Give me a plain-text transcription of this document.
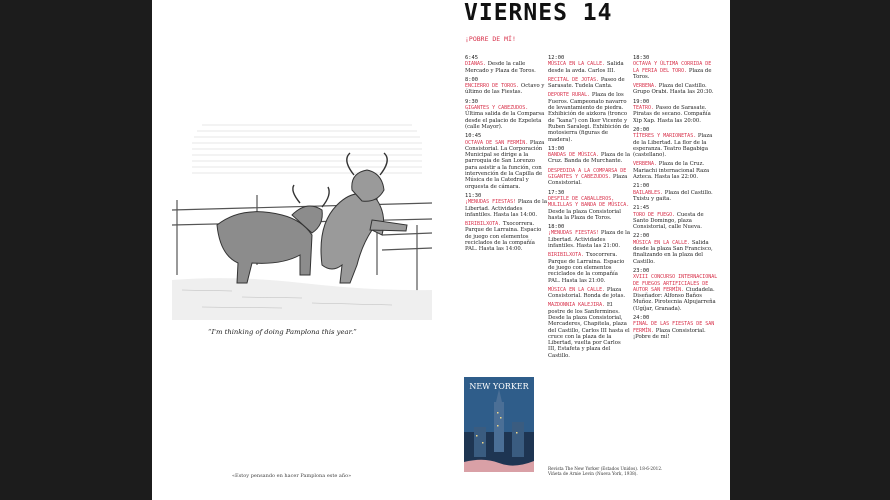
“I'm thinking of doing Pamplona this year.”
«Estoy pensando en hacer Pamplona este año»
VIERNES 14
¡POBRE DE MÍ!
6:45
DIANAS. Desde la calle Mercado y Plaza de Toros.
8:00
ENCIERRO DE TOROS. Octavo y último de las Fiestas.
9:30
GIGANTES Y CABEZUDOS. Última salida de la Comparsa desde el palacio de Ezpeleta (calle Mayor).
10:45
OCTAVA DE SAN FERMÍN. Plaza Consistorial. La Corporación Municipal se dirige a la parroquia de San Lorenzo para asistir a la función, con intervención de la Capilla de Música de la Catedral y orquesta de cámara.
11:30
¡MENUDAS FIESTAS! Plaza de la Libertad. Actividades infantiles. Hasta las 14:00.
BIRIBILXOTA. Txocorrera. Parque de Larraina. Espacio de juego con elementos reciclados de la compañía PAL. Hasta las 14:00.
12:00
MÚSICA EN LA CALLE. Salida desde la avda. Carlos III.
RECITAL DE JOTAS. Paseo de Sarasate. Tudela Canta.
DEPORTE RURAL. Plaza de los Fueros. Campeonato navarro de levantamiento de piedra. Exhibición de aizkora (tronco de “kana”) con Iker Vicente y Ruben Saralegi. Exhibición de motosierra (figuras de madera).
13:00
BANDAS DE MÚSICA. Plaza de la Cruz. Banda de Murchante.
DESPEDIDA A LA COMPARSA DE GIGANTES Y CABEZUDOS. Plaza Consistorial.
17:30
DESFILE DE CABALLEROS, MULILLAS Y BANDA DE MÚSICA. Desde la plaza Consistorial hasta la Plaza de Toros.
18:00
¡MENUDAS FIESTAS! Plaza de la Libertad. Actividades infantiles. Hasta las 21:00.
BIRIBILXOTA. Txocorrera. Parque de Larraina. Espacio de juego con elementos reciclados de la compañía PAL. Hasta las 21:00.
MÚSICA EN LA CALLE. Plaza Consistorial. Ronda de jotas.
MAZDONNIA KALEJIRA. El postre de los Sanfermines. Desde la plaza Consistorial, Mercaderes, Chapitela, plaza del Castillo, Carlos III hasta el cruce con la plaza de la Libertad, vuelta por Carlos III, Estafeta y plaza del Castillo.
18:30
OCTAVA Y ÚLTIMA CORRIDA DE LA FERIA DEL TORO. Plaza de Toros.
VERBENA. Plaza del Castillo. Grupo Orabi. Hasta las 20:30.
19:00
TEATRO. Paseo de Sarasate. Piratas de secano. Compañía Xip Xap. Hasta las 20:00.
20:00
TÍTERES Y MARIONETAS. Plaza de la Libertad. La flor de la esperanza. Teatro Bagabiga (castellano).
VERBENA. Plaza de la Cruz. Mariachi internacional Raza Azteca. Hasta las 22:00.
21:00
BAILABLES. Plaza del Castillo. Txistu y gaita.
21:45
TORO DE FUEGO. Cuesta de Santo Domingo, plaza Consistorial, calle Nueva.
22:00
MÚSICA EN LA CALLE. Salida desde la plaza San Francisco, finalizando en la plaza del Castillo.
23:00
XVIII CONCURSO INTERNACIONAL DE FUEGOS ARTIFICIALES DE AUTOR SAN FERMÍN. Ciudadela. Diseñador: Alfonso Baños Muñoz. Pirotecnia Alpujarreña (Ugíjar, Granada).
24:00
FINAL DE LAS FIESTAS DE SAN FERMÍN. Plaza Consistorial. ¡Pobre de mí!
NEW YORKER
Revista The New Yorker (Estados Unidos). 18-6-2012.
Viñeta de Arnie Levin (Nueva York, 1938).
